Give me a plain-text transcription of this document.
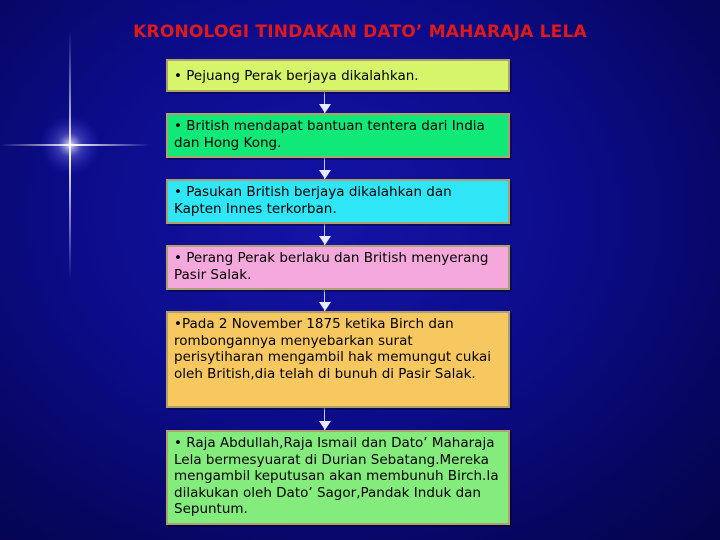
KRONOLOGI TINDAKAN DATO’ MAHARAJA LELA
• Pejuang Perak berjaya dikalahkan.
• British mendapat bantuan tentera dari India dan Hong Kong.
• Pasukan British berjaya dikalahkan dan Kapten Innes terkorban.
• Perang Perak berlaku dan British menyerang Pasir Salak.
•Pada 2 November 1875 ketika Birch dan rombongannya menyebarkan surat perisytiharan mengambil hak memungut cukai oleh British,dia telah di bunuh di Pasir Salak.
• Raja Abdullah,Raja Ismail dan Dato’ Maharaja Lela bermesyuarat di Durian Sebatang.Mereka mengambil keputusan akan membunuh Birch.Ia dilakukan oleh Dato’ Sagor,Pandak Induk dan Sepuntum.
